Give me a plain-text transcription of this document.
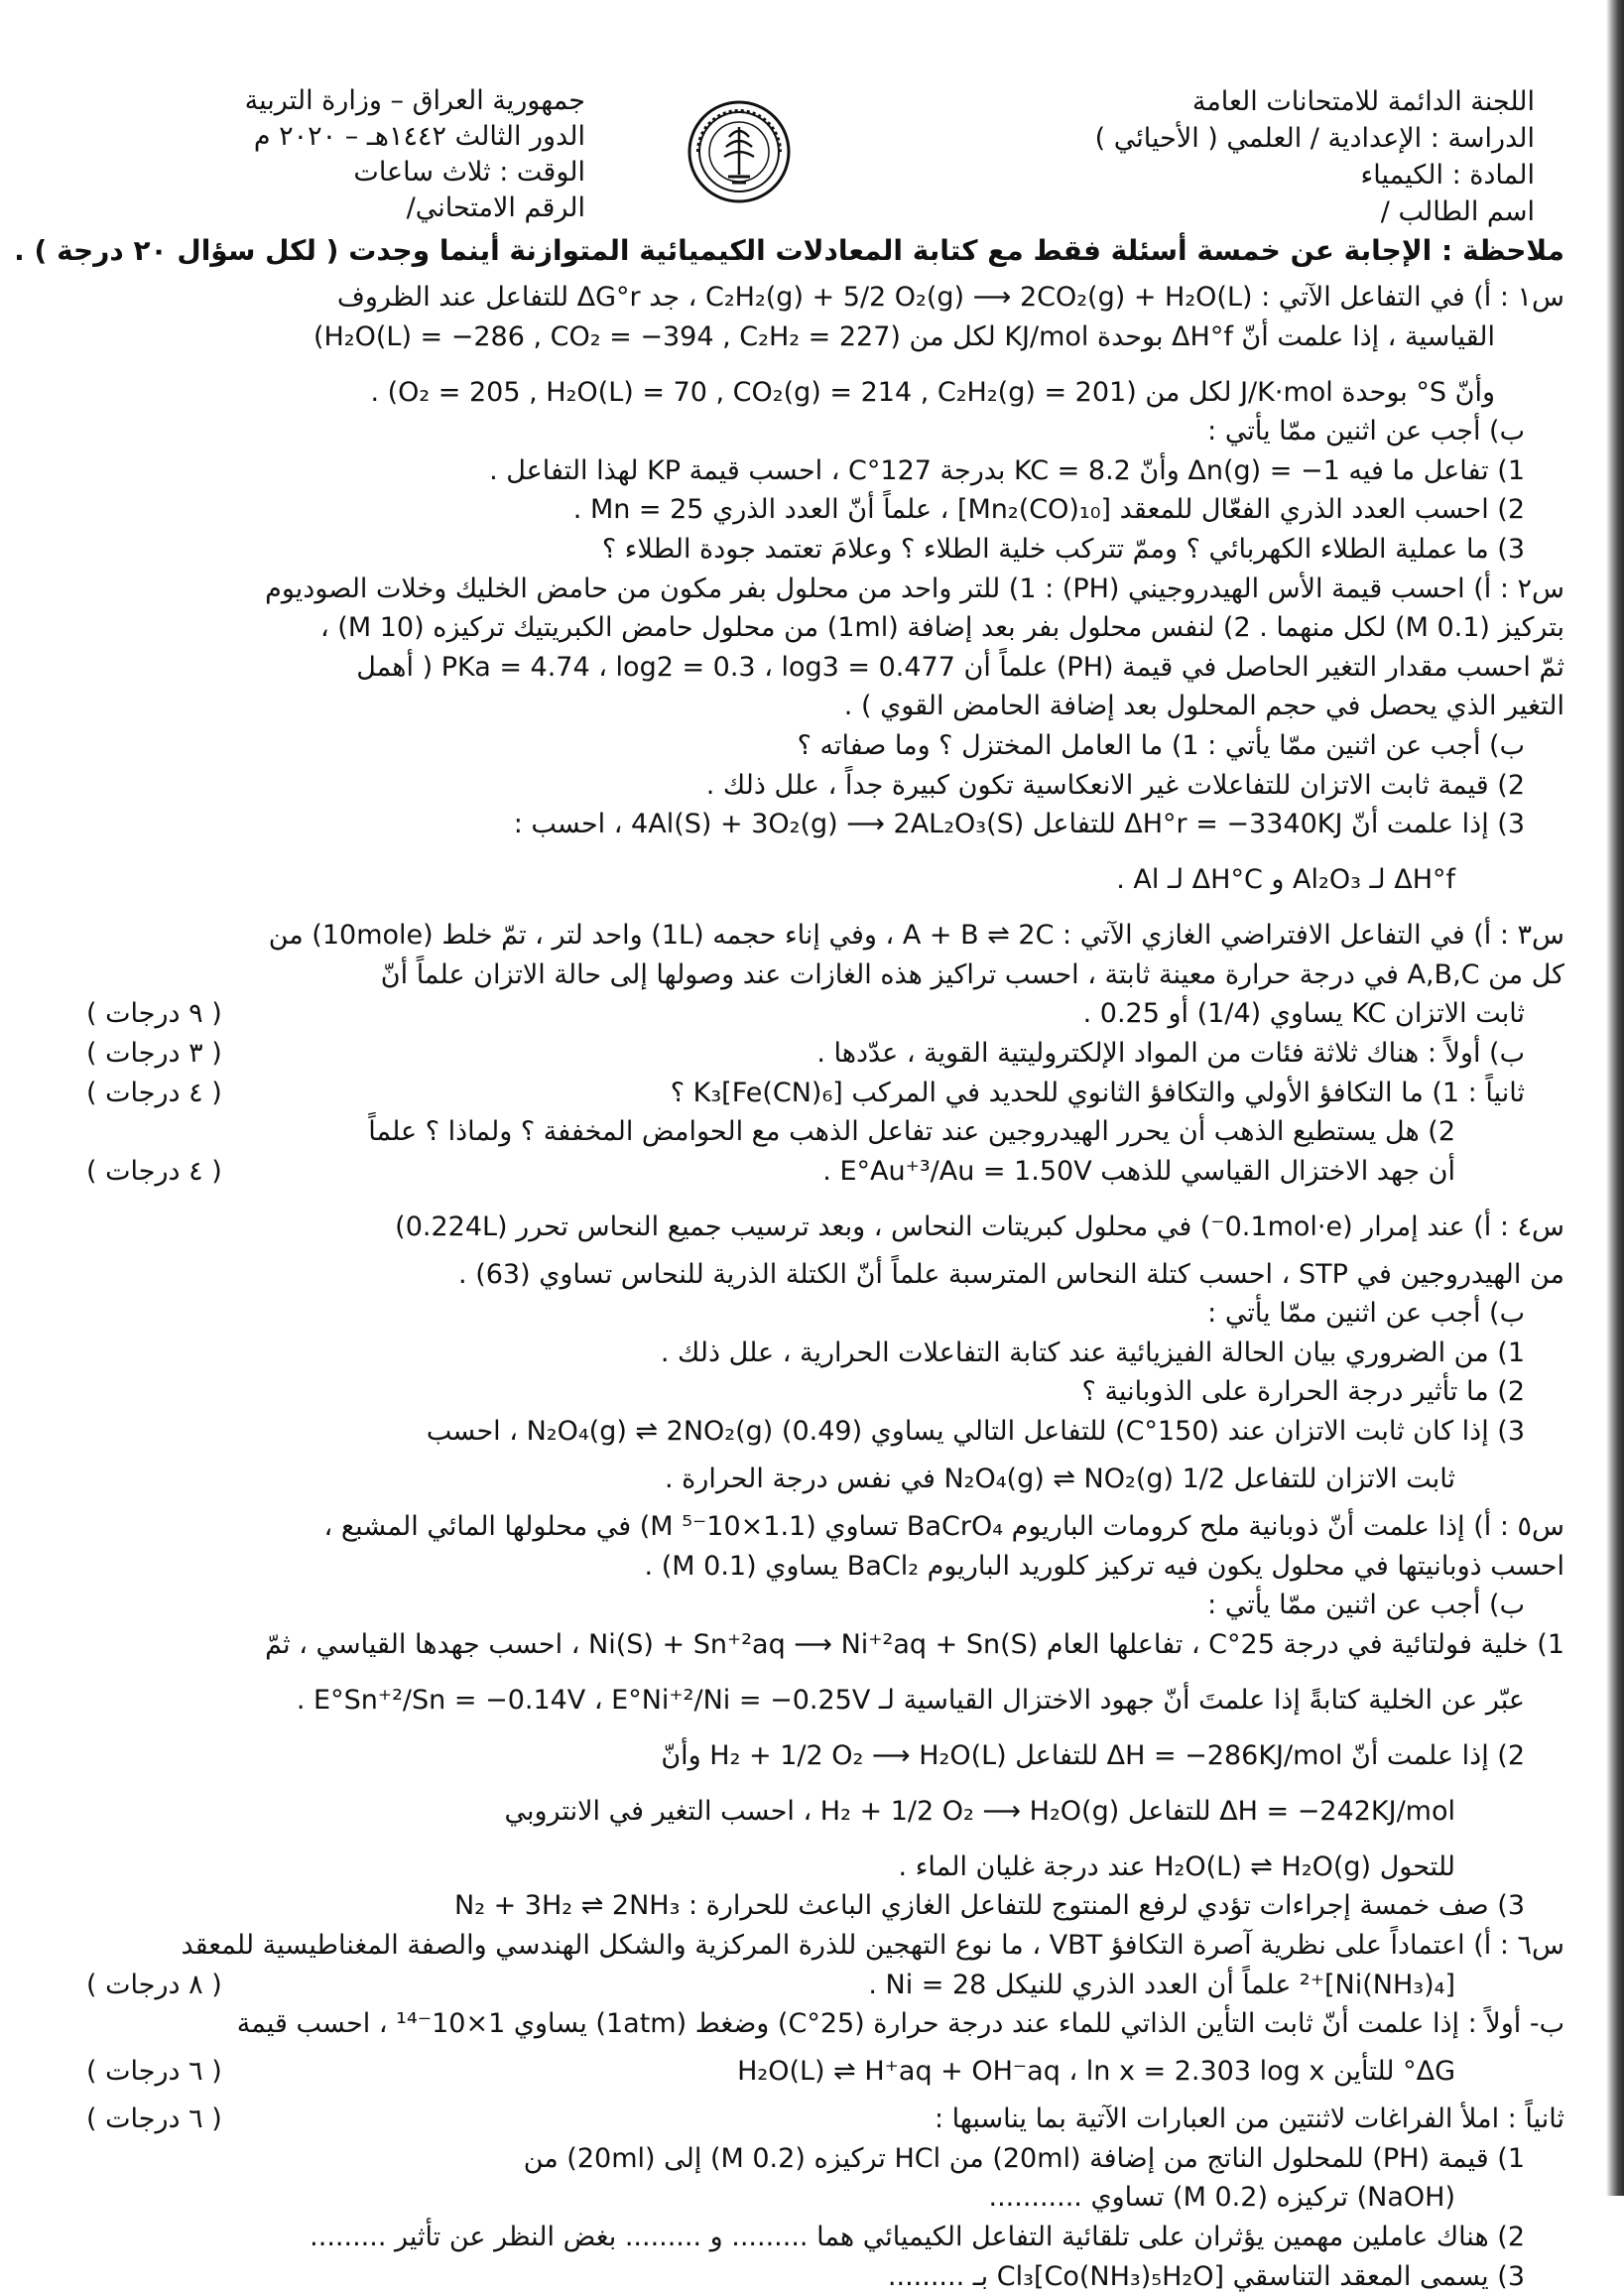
اللجنة الدائمة للامتحانات العامة
الدراسة : الإعدادية / العلمي ( الأحيائي )
المادة : الكيمياء
اسم الطالب /
جمهورية العراق – وزارة التربية
الدور الثالث ١٤٤٢هـ – ٢٠٢٠ م
الوقت : ثلاث ساعات
الرقم الامتحاني/
ملاحظة : الإجابة عن خمسة أسئلة فقط مع كتابة المعادلات الكيميائية المتوازنة أينما وجدت ( لكل سؤال ٢٠ درجة ) .
س١ : أ) في التفاعل الآتي : C₂H₂(g) + 5/2 O₂(g) ⟶ 2CO₂(g) + H₂O(L) ، جد ΔG°r للتفاعل عند الظروف
القياسية ، إذا علمت أنّ ΔH°f بوحدة KJ/mol لكل من (H₂O(L) = −286 , CO₂ = −394 , C₂H₂ = 227)
وأنّ S° بوحدة J/K·mol لكل من (O₂ = 205 , H₂O(L) = 70 , CO₂(g) = 214 , C₂H₂(g) = 201) .
ب) أجب عن اثنين ممّا يأتي :
1) تفاعل ما فيه Δn(g) = −1 وأنّ KC = 8.2 بدرجة 127°C ، احسب قيمة KP لهذا التفاعل .
2) احسب العدد الذري الفعّال للمعقد [Mn₂(CO)₁₀] ، علماً أنّ العدد الذري Mn = 25 .
3) ما عملية الطلاء الكهربائي ؟ وممّ تتركب خلية الطلاء ؟ وعلامَ تعتمد جودة الطلاء ؟
س٢ : أ) احسب قيمة الأس الهيدروجيني (PH) : 1) للتر واحد من محلول بفر مكون من حامض الخليك وخلات الصوديوم
بتركيز (0.1 M) لكل منهما . 2) لنفس محلول بفر بعد إضافة (1ml) من محلول حامض الكبريتيك تركيزه (10 M) ،
ثمّ احسب مقدار التغير الحاصل في قيمة (PH) علماً أن PKa = 4.74 ، log2 = 0.3 ، log3 = 0.477 ( أهمل
التغير الذي يحصل في حجم المحلول بعد إضافة الحامض القوي ) .
ب) أجب عن اثنين ممّا يأتي : 1) ما العامل المختزل ؟ وما صفاته ؟
2) قيمة ثابت الاتزان للتفاعلات غير الانعكاسية تكون كبيرة جداً ، علل ذلك .
3) إذا علمت أنّ ΔH°r = −3340KJ للتفاعل 4Al(S) + 3O₂(g) ⟶ 2AL₂O₃(S) ، احسب :
ΔH°f لـ Al₂O₃ و ΔH°C لـ Al .
س٣ : أ) في التفاعل الافتراضي الغازي الآتي : A + B ⇌ 2C ، وفي إناء حجمه (1L) واحد لتر ، تمّ خلط (10mole) من
كل من A,B,C في درجة حرارة معينة ثابتة ، احسب تراكيز هذه الغازات عند وصولها إلى حالة الاتزان علماً أنّ
ثابت الاتزان KC يساوي (1/4) أو 0.25 .
( ٩ درجات )
ب) أولاً : هناك ثلاثة فئات من المواد الإلكتروليتية القوية ، عدّدها .
( ٣ درجات )
ثانياً : 1) ما التكافؤ الأولي والتكافؤ الثانوي للحديد في المركب K₃[Fe(CN)₆] ؟
( ٤ درجات )
2) هل يستطيع الذهب أن يحرر الهيدروجين عند تفاعل الذهب مع الحوامض المخففة ؟ ولماذا ؟ علماً
أن جهد الاختزال القياسي للذهب E°Au⁺³/Au = 1.50V .
( ٤ درجات )
س٤ : أ) عند إمرار (0.1mol·e⁻) في محلول كبريتات النحاس ، وبعد ترسيب جميع النحاس تحرر (0.224L)
من الهيدروجين في STP ، احسب كتلة النحاس المترسبة علماً أنّ الكتلة الذرية للنحاس تساوي (63) .
ب) أجب عن اثنين ممّا يأتي :
1) من الضروري بيان الحالة الفيزيائية عند كتابة التفاعلات الحرارية ، علل ذلك .
2) ما تأثير درجة الحرارة على الذوبانية ؟
3) إذا كان ثابت الاتزان عند (150°C) للتفاعل التالي يساوي (0.49) N₂O₄(g) ⇌ 2NO₂(g) ، احسب
ثابت الاتزان للتفاعل 1/2 N₂O₄(g) ⇌ NO₂(g) في نفس درجة الحرارة .
س٥ : أ) إذا علمت أنّ ذوبانية ملح كرومات الباريوم BaCrO₄ تساوي (1.1×10⁻⁵ M) في محلولها المائي المشبع ،
احسب ذوبانيتها في محلول يكون فيه تركيز كلوريد الباريوم BaCl₂ يساوي (0.1 M) .
ب) أجب عن اثنين ممّا يأتي :
1) خلية فولتائية في درجة 25°C ، تفاعلها العام Ni(S) + Sn⁺²aq ⟶ Ni⁺²aq + Sn(S) ، احسب جهدها القياسي ، ثمّ
عبّر عن الخلية كتابةً إذا علمتَ أنّ جهود الاختزال القياسية لـ E°Sn⁺²/Sn = −0.14V ، E°Ni⁺²/Ni = −0.25V .
2) إذا علمت أنّ ΔH = −286KJ/mol للتفاعل H₂ + 1/2 O₂ ⟶ H₂O(L) وأنّ
ΔH = −242KJ/mol للتفاعل H₂ + 1/2 O₂ ⟶ H₂O(g) ، احسب التغير في الانتروبي
للتحول H₂O(L) ⇌ H₂O(g) عند درجة غليان الماء .
3) صف خمسة إجراءات تؤدي لرفع المنتوج للتفاعل الغازي الباعث للحرارة : N₂ + 3H₂ ⇌ 2NH₃
س٦ : أ) اعتماداً على نظرية آصرة التكافؤ VBT ، ما نوع التهجين للذرة المركزية والشكل الهندسي والصفة المغناطيسية للمعقد
[Ni(NH₃)₄]⁺² علماً أن العدد الذري للنيكل Ni = 28 .
( ٨ درجات )
ب- أولاً : إذا علمت أنّ ثابت التأين الذاتي للماء عند درجة حرارة (25°C) وضغط (1atm) يساوي 1×10⁻¹⁴ ، احسب قيمة
ΔG° للتأين H₂O(L) ⇌ H⁺aq + OH⁻aq ، ln x = 2.303 log x
( ٦ درجات )
ثانياً : املأ الفراغات لاثنتين من العبارات الآتية بما يناسبها :
( ٦ درجات )
1) قيمة (PH) للمحلول الناتج من إضافة (20ml) من HCl تركيزه (0.2 M) إلى (20ml) من
(NaOH) تركيزه (0.2 M) تساوي ...........
2) هناك عاملين مهمين يؤثران على تلقائية التفاعل الكيميائي هما ......... و ......... بغض النظر عن تأثير .........
3) يسمى المعقد التناسقي [Co(NH₃)₅H₂O]Cl₃ بـ .........
